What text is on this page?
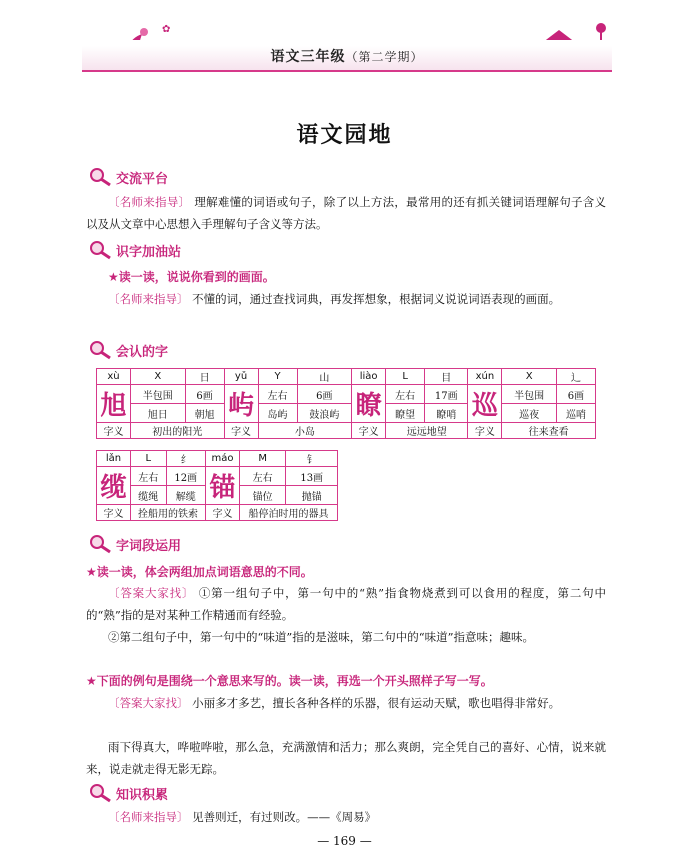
✿
语文三年级（第二学期）
语文园地
交流平台
〔名师来指导〕 理解难懂的词语或句子，除了以上方法，最常用的还有抓关键词语理解句子含义以及从文章中心思想入手理解句子含义等方法。
识字加油站
★读一读，说说你看到的画面。
〔名师来指导〕 不懂的词，通过查找词典，再发挥想象，根据词义说说词语表现的画面。
会认的字
xù	X	日	yǔ	Y	山	liào	L	目	xún	X	辶
旭	半包围	6画	屿	左右	6画	瞭	左右	17画	巡	半包围	6画
	旭日	朝旭		岛屿	鼓浪屿		瞭望	瞭哨		巡夜	巡哨
字义	初出的阳光		字义	小岛		字义	远远地望		字义	往来查看	
lǎn	L	纟	máo	M	钅
缆	左右	12画	锚	左右	13画
	缆绳	解缆		锚位	抛锚
字义	拴船用的铁索		字义	船停泊时用的器具	
字词段运用
★读一读，体会两组加点词语意思的不同。
〔答案大家找〕 ①第一组句子中，第一句中的“熟”指食物烧煮到可以食用的程度，第二句中的“熟”指的是对某种工作精通而有经验。
②第二组句子中，第一句中的“味道”指的是滋味，第二句中的“味道”指意味；趣味。
★下面的例句是围绕一个意思来写的。读一读，再选一个开头照样子写一写。
〔答案大家找〕 小丽多才多艺，擅长各种各样的乐器，很有运动天赋，歌也唱得非常好。
雨下得真大，哗啦哗啦，那么急，充满激情和活力；那么爽朗，完全凭自己的喜好、心情，说来就来，说走就走得无影无踪。
知识积累
〔名师来指导〕 见善则迁，有过则改。——《周易》
— 169 —
